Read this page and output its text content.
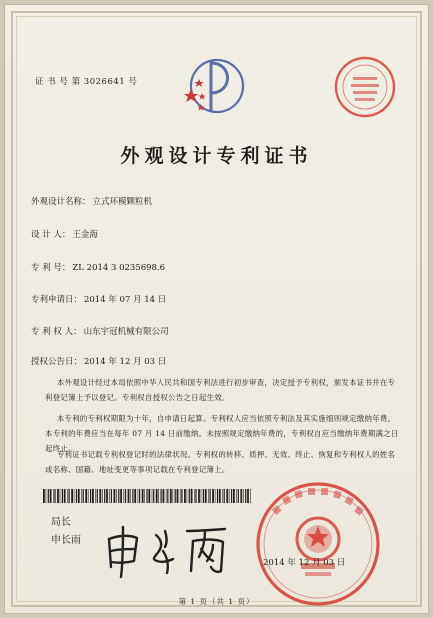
证 书 号 第 3026641 号
外观设计专利证书
外观设计名称： 立式环模颗粒机
设 计 人： 王金海
专 利 号： ZL 2014 3 0235698.6
专利申请日： 2014 年 07 月 14 日
专 利 权 人： 山东宇冠机械有限公司
授权公告日： 2014 年 12 月 03 日
本外观设计经过本局依照中华人民共和国专利法进行初步审查，决定授予专利权，颁发本证书并在专利登记簿上予以登记。专利权自授权公告之日起生效。
本专利的专利权期限为十年，自申请日起算。专利权人应当依照专利法及其实施细则规定缴纳年费。本专利的年费应当在每年 07 月 14 日前缴纳。未按照规定缴纳年费的，专利权自应当缴纳年费期满之日起终止。
专利证书记载专利权登记时的法律状况。专利权的转移、质押、无效、终止、恢复和专利权人的姓名或名称、国籍、地址变更等事项记载在专利登记簿上。
局长
申长雨
2014 年 12 月 03 日
第 1 页（共 1 页）
